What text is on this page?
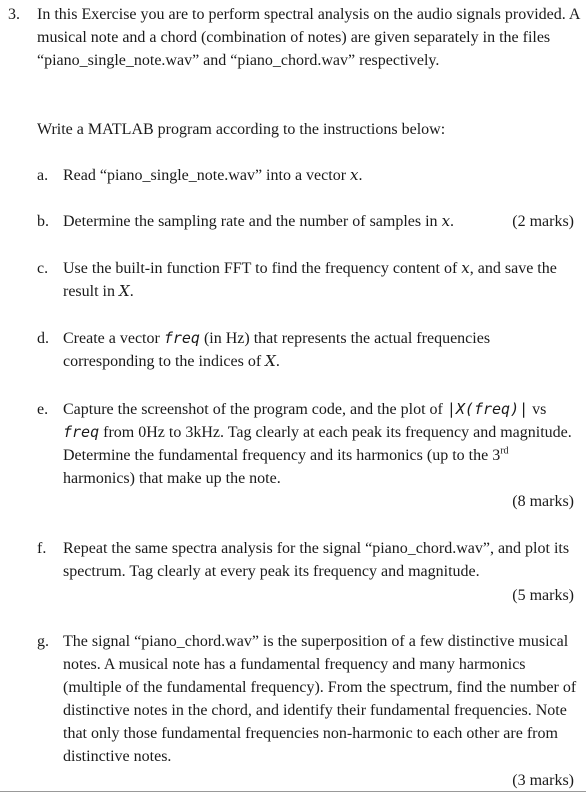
3. In this Exercise you are to perform spectral analysis on the audio signals provided. A musical note and a chord (combination of notes) are given separately in the files “piano_single_note.wav” and “piano_chord.wav” respectively.
Write a MATLAB program according to the instructions below:
a. Read “piano_single_note.wav” into a vector x.
b. Determine the sampling rate and the number of samples in x.	(2 marks)
c. Use the built-in function FFT to find the frequency content of x, and save the result in X.
d. Create a vector freq (in Hz) that represents the actual frequencies corresponding to the indices of X.
e. Capture the screenshot of the program code, and the plot of |X(freq)| vs freq from 0Hz to 3kHz. Tag clearly at each peak its frequency and magnitude. Determine the fundamental frequency and its harmonics (up to the 3rd harmonics) that make up the note.
(8 marks)
f.	Repeat the same spectra analysis for the signal “piano_chord.wav”, and plot its spectrum. Tag clearly at every peak its frequency and magnitude.
(5 marks)
g. The signal “piano_chord.wav” is the superposition of a few distinctive musical notes. A musical note has a fundamental frequency and many harmonics (multiple of the fundamental frequency). From the spectrum, find the number of distinctive notes in the chord, and identify their fundamental frequencies. Note that only those fundamental frequencies non-harmonic to each other are from distinctive notes.
(3 marks)
